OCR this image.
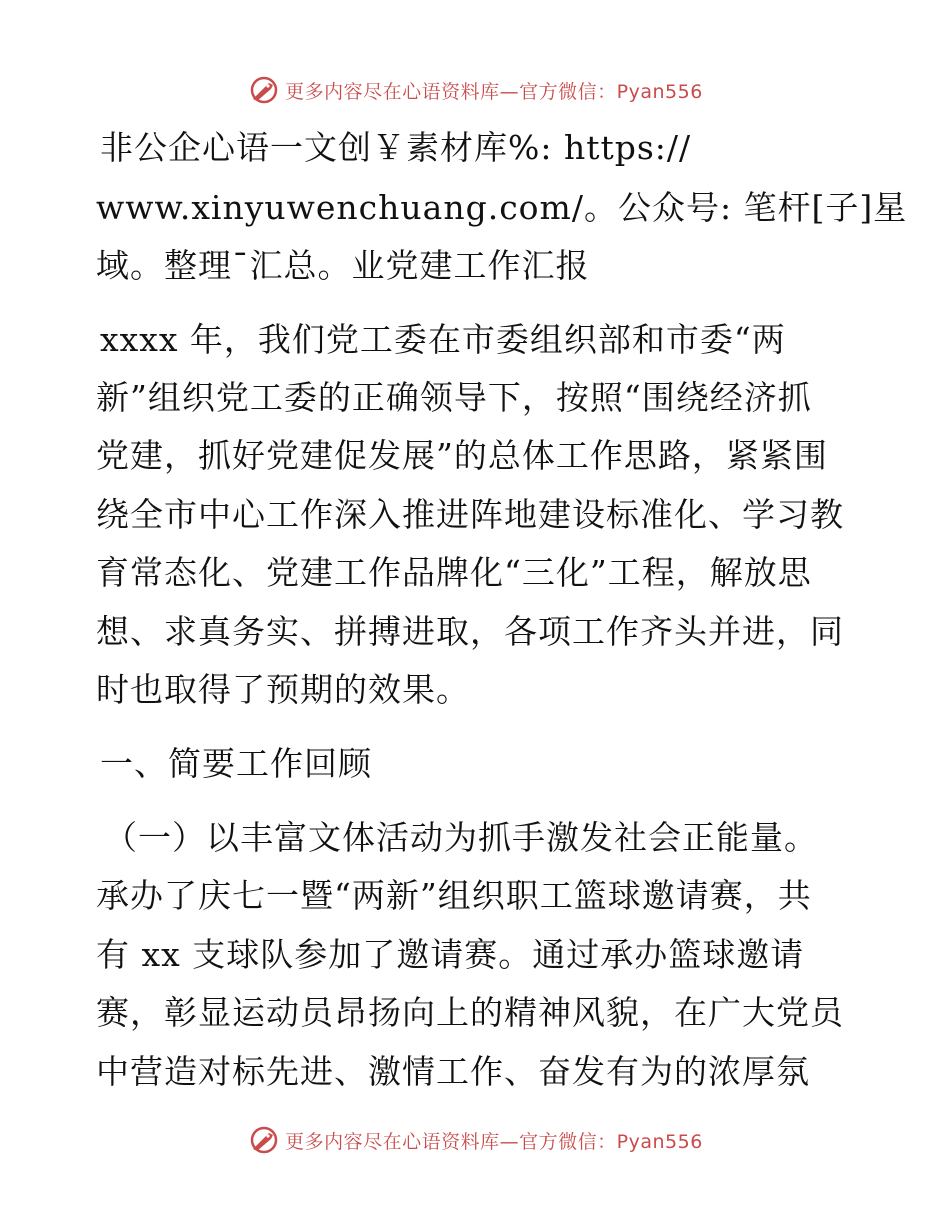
更多内容尽在心语资料库—官方微信：Pyan556
非公企心语一文创￥素材库%: https://
www.xinyuwenchuang.com/。公众号: 笔杆[子]星
域。整理¯汇总。业党建工作汇报
xxxx 年，我们党工委在市委组织部和市委“两
新”组织党工委的正确领导下，按照“围绕经济抓
党建，抓好党建促发展”的总体工作思路，紧紧围
绕全市中心工作深入推进阵地建设标准化、学习教
育常态化、党建工作品牌化“三化”工程，解放思
想、求真务实、拼搏进取，各项工作齐头并进，同
时也取得了预期的效果。
一、简要工作回顾
（一）以丰富文体活动为抓手激发社会正能量。
承办了庆七一暨“两新”组织职工篮球邀请赛，共
有 xx 支球队参加了邀请赛。通过承办篮球邀请
赛，彰显运动员昂扬向上的精神风貌，在广大党员
中营造对标先进、激情工作、奋发有为的浓厚氛
更多内容尽在心语资料库—官方微信：Pyan556
